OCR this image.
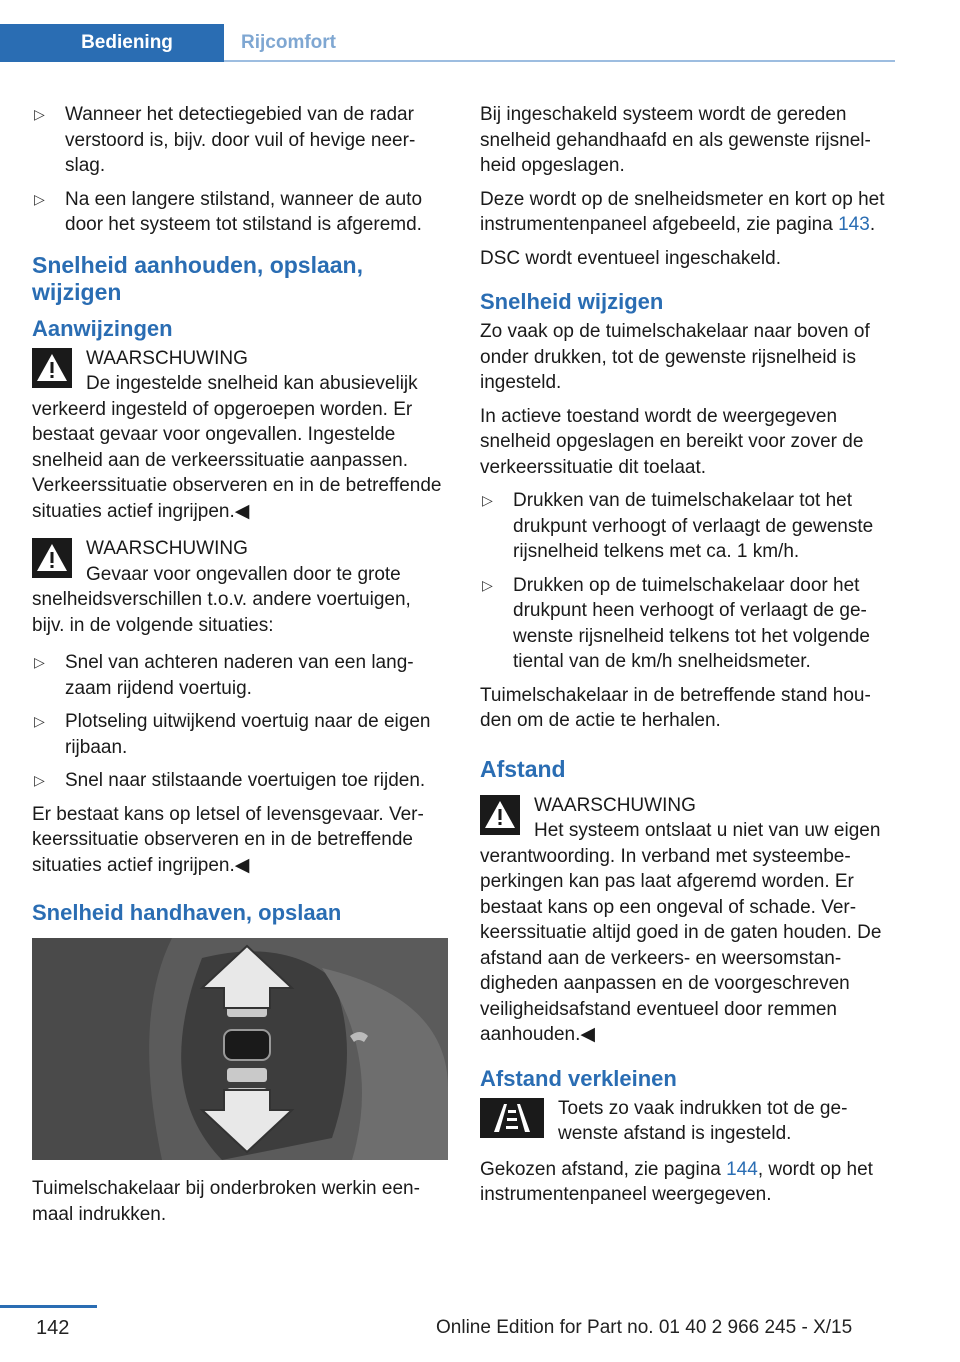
Bediening	Rijcomfort
▷ Wanneer het detectiegebied van de radar verstoord is, bijv. door vuil of hevige neerslag.
▷ Na een langere stilstand, wanneer de auto door het systeem tot stilstand is afgeremd.
Snelheid aanhouden, opslaan, wijzigen
Aanwijzingen
WAARSCHUWING
De ingestelde snelheid kan abusievelijk verkeerd ingesteld of opgeroepen worden. Er bestaat gevaar voor ongevallen. Ingestelde snelheid aan de verkeerssituatie aanpassen. Verkeerssituatie observeren en in de betreffende situaties actief ingrijpen.◀
WAARSCHUWING
Gevaar voor ongevallen door te grote snelheidsverschillen t.o.v. andere voertuigen, bijv. in de volgende situaties:
▷ Snel van achteren naderen van een langzaam rijdend voertuig.
▷ Plotseling uitwijkend voertuig naar de eigen rijbaan.
▷ Snel naar stilstaande voertuigen toe rijden.

Er bestaat kans op letsel of levensgevaar. Verkeerssituatie observeren en in de betreffende situaties actief ingrijpen.◀

Snelheid handhaven, opslaan

Tuimelschakelaar bij onderbroken werkin eenmaal indrukken.

Bij ingeschakeld systeem wordt de gereden snelheid gehandhaafd en als gewenste rijsnelheid opgeslagen.

Deze wordt op de snelheidsmeter en kort op het instrumentenpaneel afgebeeld, zie pagina 143.

DSC wordt eventueel ingeschakeld.

Snelheid wijzigen

Zo vaak op de tuimelschakelaar naar boven of onder drukken, tot de gewenste rijsnelheid is ingesteld.

In actieve toestand wordt de weergegeven snelheid opgeslagen en bereikt voor zover de verkeerssituatie dit toelaat.

▷ Drukken van de tuimelschakelaar tot het drukpunt verhoogt of verlaagt de gewenste rijsnelheid telkens met ca. 1 km/h.
▷ Drukken op de tuimelschakelaar door het drukpunt heen verhoogt of verlaagt de gewenste rijsnelheid telkens tot het volgende tiental van de km/h snelheidsmeter.

Tuimelschakelaar in de betreffende stand houden om de actie te herhalen.

Afstand
WAARSCHUWING
Het systeem ontslaat u niet van uw eigen verantwoording. In verband met systeembeperkingen kan pas laat afgeremd worden. Er bestaat kans op een ongeval of schade. Verkeerssituatie altijd goed in de gaten houden. De afstand aan de verkeers- en weersomstandigheden aanpassen en de voorgeschreven veiligheidsafstand eventueel door remmen aanhouden.◀
Afstand verkleinen
Toets zo vaak indrukken tot de gewenste afstand is ingesteld.

Gekozen afstand, zie pagina 144, wordt op het instrumentenpaneel weergegeven.

142	Online Edition for Part no. 01 40 2 966 245 - X/15
